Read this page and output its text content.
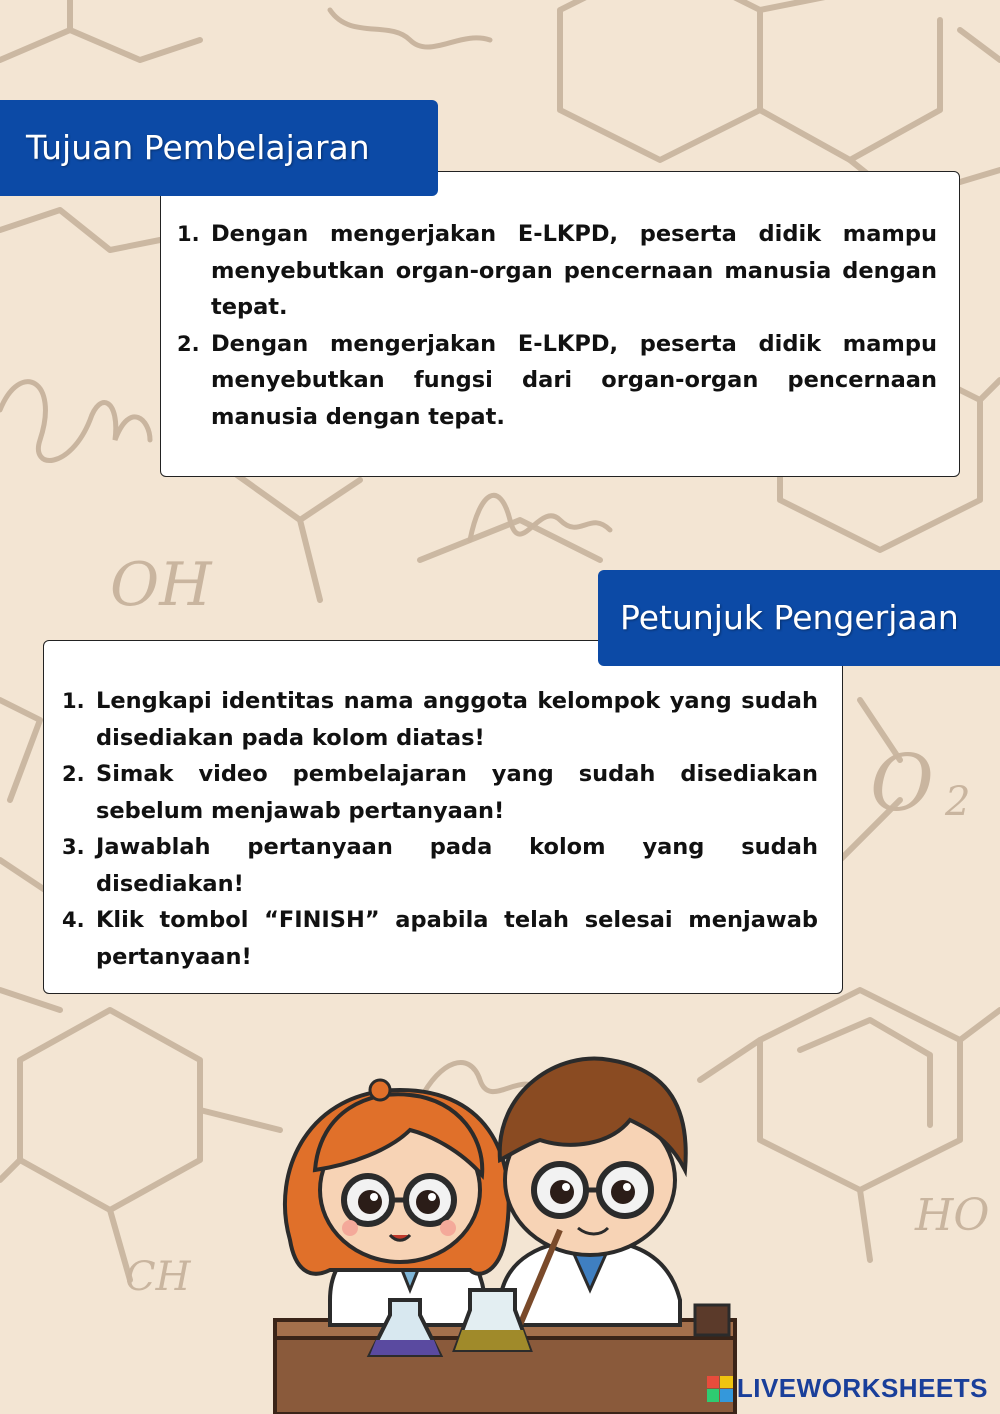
OH
CH
HO
O 2
Tujuan Pembelajaran
1. Dengan mengerjakan E-LKPD, peserta didik mampu menyebutkan organ-organ pencernaan manusia dengan tepat.
2. Dengan mengerjakan E-LKPD, peserta didik mampu menyebutkan fungsi dari organ-organ pencernaan manusia dengan tepat.
Petunjuk Pengerjaan
1. Lengkapi identitas nama anggota kelompok yang sudah disediakan pada kolom diatas!
2. Simak video pembelajaran yang sudah disediakan sebelum menjawab pertanyaan!
3. Jawablah pertanyaan pada kolom yang sudah disediakan!
4. Klik tombol “FINISH” apabila telah selesai menjawab pertanyaan!
LIVEWORKSHEETS
